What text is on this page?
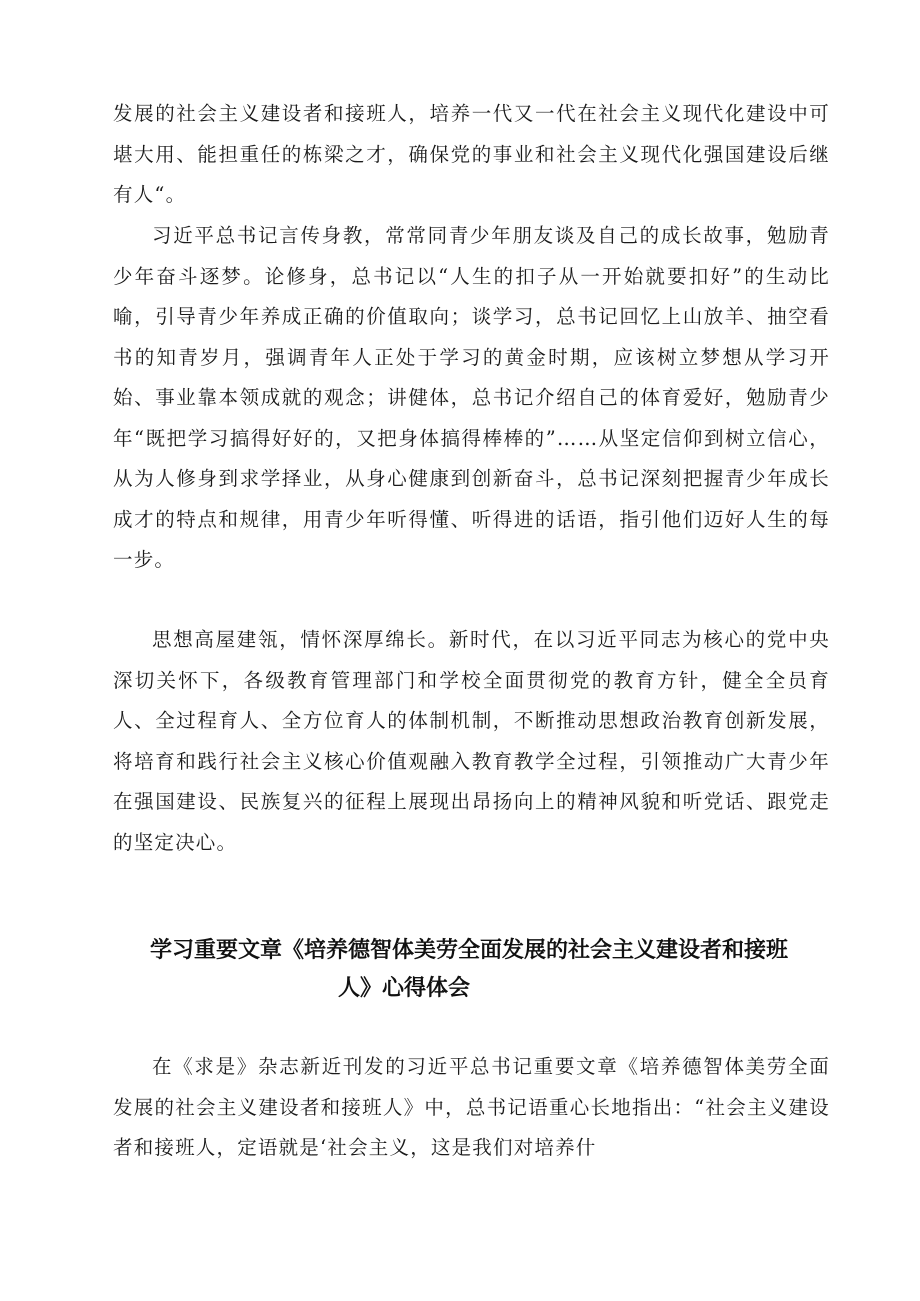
发展的社会主义建设者和接班人，培养一代又一代在社会主义现代化建设中可堪大用、能担重任的栋梁之才，确保党的事业和社会主义现代化强国建设后继有人“。

习近平总书记言传身教，常常同青少年朋友谈及自己的成长故事，勉励青少年奋斗逐梦。论修身，总书记以“人生的扣子从一开始就要扣好”的生动比喻，引导青少年养成正确的价值取向；谈学习，总书记回忆上山放羊、抽空看书的知青岁月，强调青年人正处于学习的黄金时期，应该树立梦想从学习开始、事业靠本领成就的观念；讲健体，总书记介绍自己的体育爱好，勉励青少年“既把学习搞得好好的，又把身体搞得棒棒的”……从坚定信仰到树立信心，从为人修身到求学择业，从身心健康到创新奋斗，总书记深刻把握青少年成长成才的特点和规律，用青少年听得懂、听得进的话语，指引他们迈好人生的每一步。

思想高屋建瓴，情怀深厚绵长。新时代，在以习近平同志为核心的党中央深切关怀下，各级教育管理部门和学校全面贯彻党的教育方针，健全全员育人、全过程育人、全方位育人的体制机制，不断推动思想政治教育创新发展，将培育和践行社会主义核心价值观融入教育教学全过程，引领推动广大青少年在强国建设、民族复兴的征程上展现出昂扬向上的精神风貌和听党话、跟党走的坚定决心。

学习重要文章《培养德智体美劳全面发展的社会主义建设者和接班
人》心得体会

在《求是》杂志新近刊发的习近平总书记重要文章《培养德智体美劳全面发展的社会主义建设者和接班人》中，总书记语重心长地指出：“社会主义建设者和接班人，定语就是‘社会主义，这是我们对培养什
